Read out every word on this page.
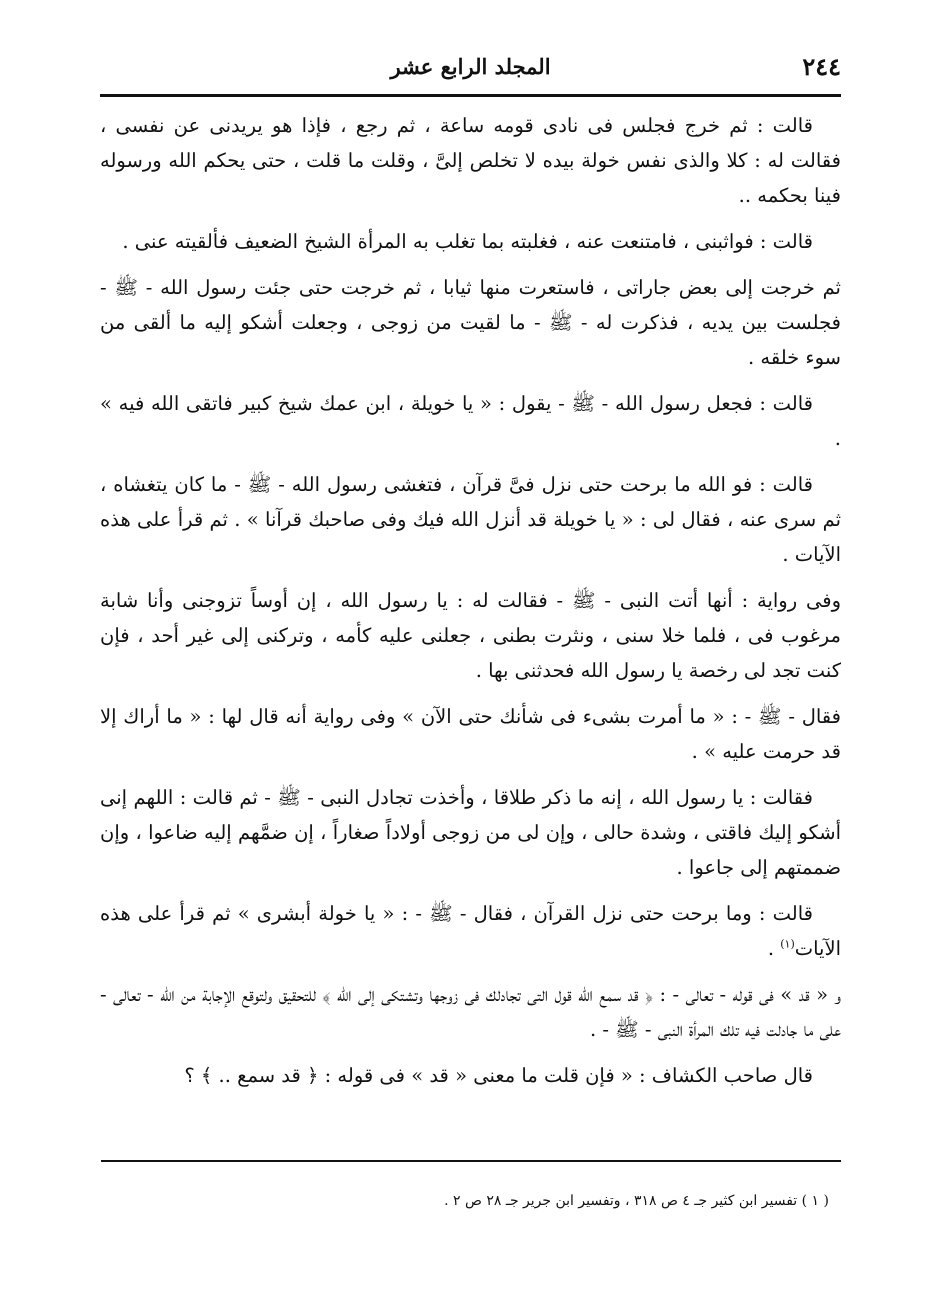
٢٤٤
المجلد الرابع عشر

قالت : ثم خرج فجلس فى نادى قومه ساعة ، ثم رجع ، فإذا هو يريدنى عن نفسى ، فقالت له : كلا والذى نفس خولة بيده لا تخلص إلىَّ ، وقلت ما قلت ، حتى يحكم الله ورسوله فينا بحكمه ..

قالت : فواثبنى ، فامتنعت عنه ، فغلبته بما تغلب به المرأة الشيخ الضعيف فألقيته عنى .

ثم خرجت إلى بعض جاراتى ، فاستعرت منها ثيابا ، ثم خرجت حتى جئت رسول الله - ﷺ - فجلست بين يديه ، فذكرت له - ﷺ - ما لقيت من زوجى ، وجعلت أشكو إليه ما ألقى من سوء خلقه .

قالت : فجعل رسول الله - ﷺ - يقول : « يا خويلة ، ابن عمك شيخ كبير فاتقى الله فيه » .

قالت : فو الله ما برحت حتى نزل فىَّ قرآن ، فتغشى رسول الله - ﷺ - ما كان يتغشاه ، ثم سرى عنه ، فقال لى : « يا خويلة قد أنزل الله فيك وفى صاحبك قرآنا » . ثم قرأ على هذه الآيات .

وفى رواية : أنها أتت النبى - ﷺ - فقالت له : يا رسول الله ، إن أوساً تزوجنى وأنا شابة مرغوب فى ، فلما خلا سنى ، ونثرت بطنى ، جعلنى عليه كأمه ، وتركنى إلى غير أحد ، فإن كنت تجد لى رخصة يا رسول الله فحدثنى بها .

فقال - ﷺ - : « ما أمرت بشىء فى شأنك حتى الآن » وفى رواية أنه قال لها : « ما أراك إلا قد حرمت عليه » .

فقالت : يا رسول الله ، إنه ما ذكر طلاقا ، وأخذت تجادل النبى - ﷺ - ثم قالت : اللهم إنى أشكو إليك فاقتى ، وشدة حالى ، وإن لى من زوجى أولاداً صغاراً ، إن ضمَّهم إليه ضاعوا ، وإن ضممتهم إلى جاعوا .

قالت : وما برحت حتى نزل القرآن ، فقال - ﷺ - : « يا خولة أبشرى » ثم قرأ على هذه الآيات$^{(١)}$ .

و « قد » فى قوله - تعالى - : ﴿ قد سمع الله قول التى تجادلك فى زوجها وتشتكى إلى الله ﴾ للتحقيق ولتوقع الإجابة من الله - تعالى - على ما جادلت فيه تلك المرأة النبى - ﷺ - .

قال صاحب الكشاف : « فإن قلت ما معنى « قد » فى قوله : ﴿ قد سمع .. ﴾ ؟

( ١ ) تفسير ابن كثير جـ ٤ ص ٣١٨ ، وتفسير ابن جرير جـ ٢٨ ص ٢ .
